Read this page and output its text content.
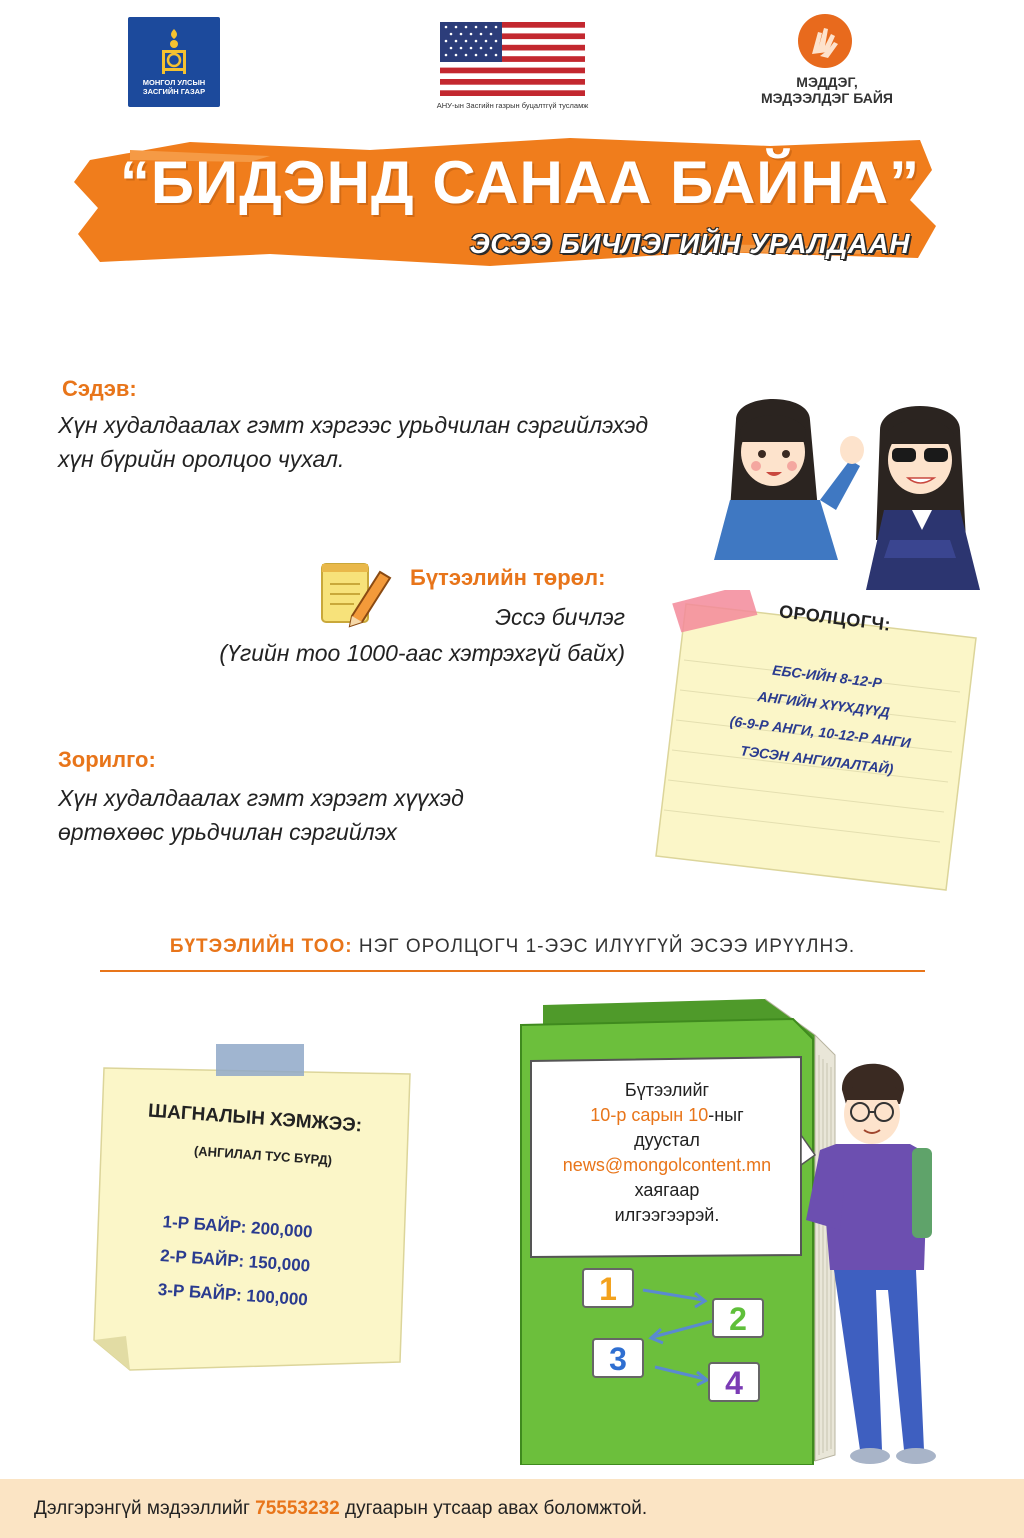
МОНГОЛ УЛСЫН ЗАСГИЙН ГАЗАР
АНУ-ын Засгийн газрын буцалтгүй тусламж
МЭДДЭГ,
МЭДЭЭЛДЭГ БАЙЯ
“БИДЭНД САНАА БАЙНА”
ЭСЭЭ БИЧЛЭГИЙН УРАЛДААН
Сэдэв:
Хүн худалдаалах гэмт хэргээс урьдчилан сэргийлэхэд
хүн бүрийн оролцоо чухал.
Бүтээлийн төрөл:
Эссэ бичлэг
(Үгийн тоо 1000-аас хэтрэхгүй байх)
Зорилго:
Хүн худалдаалах гэмт хэрэгт хүүхэд
өртөхөөс урьдчилан сэргийлэх
ОРОЛЦОГЧ:
ЕБС-ИЙН 8-12-Р
АНГИЙН ХҮҮХДҮҮД
(6-9-Р АНГИ, 10-12-Р АНГИ
ТЭСЭН АНГИЛАЛТАЙ)
БҮТЭЭЛИЙН ТОО: НЭГ ОРОЛЦОГЧ 1-ЭЭС ИЛҮҮГҮЙ ЭСЭЭ ИРҮҮЛНЭ.
ШАГНАЛЫН ХЭМЖЭЭ:
(АНГИЛАЛ ТУС БҮРД)
1-Р БАЙР: 200,000
2-Р БАЙР: 150,000
3-Р БАЙР: 100,000
Бүтээлийг
10-р сарын 10-ныг
дуустал
news@mongolcontent.mn
хаягаар
илгээгээрэй.
1
2
3
4
Дэлгэрэнгүй мэдээллийг 75553232 дугаарын утсаар авах боломжтой.
